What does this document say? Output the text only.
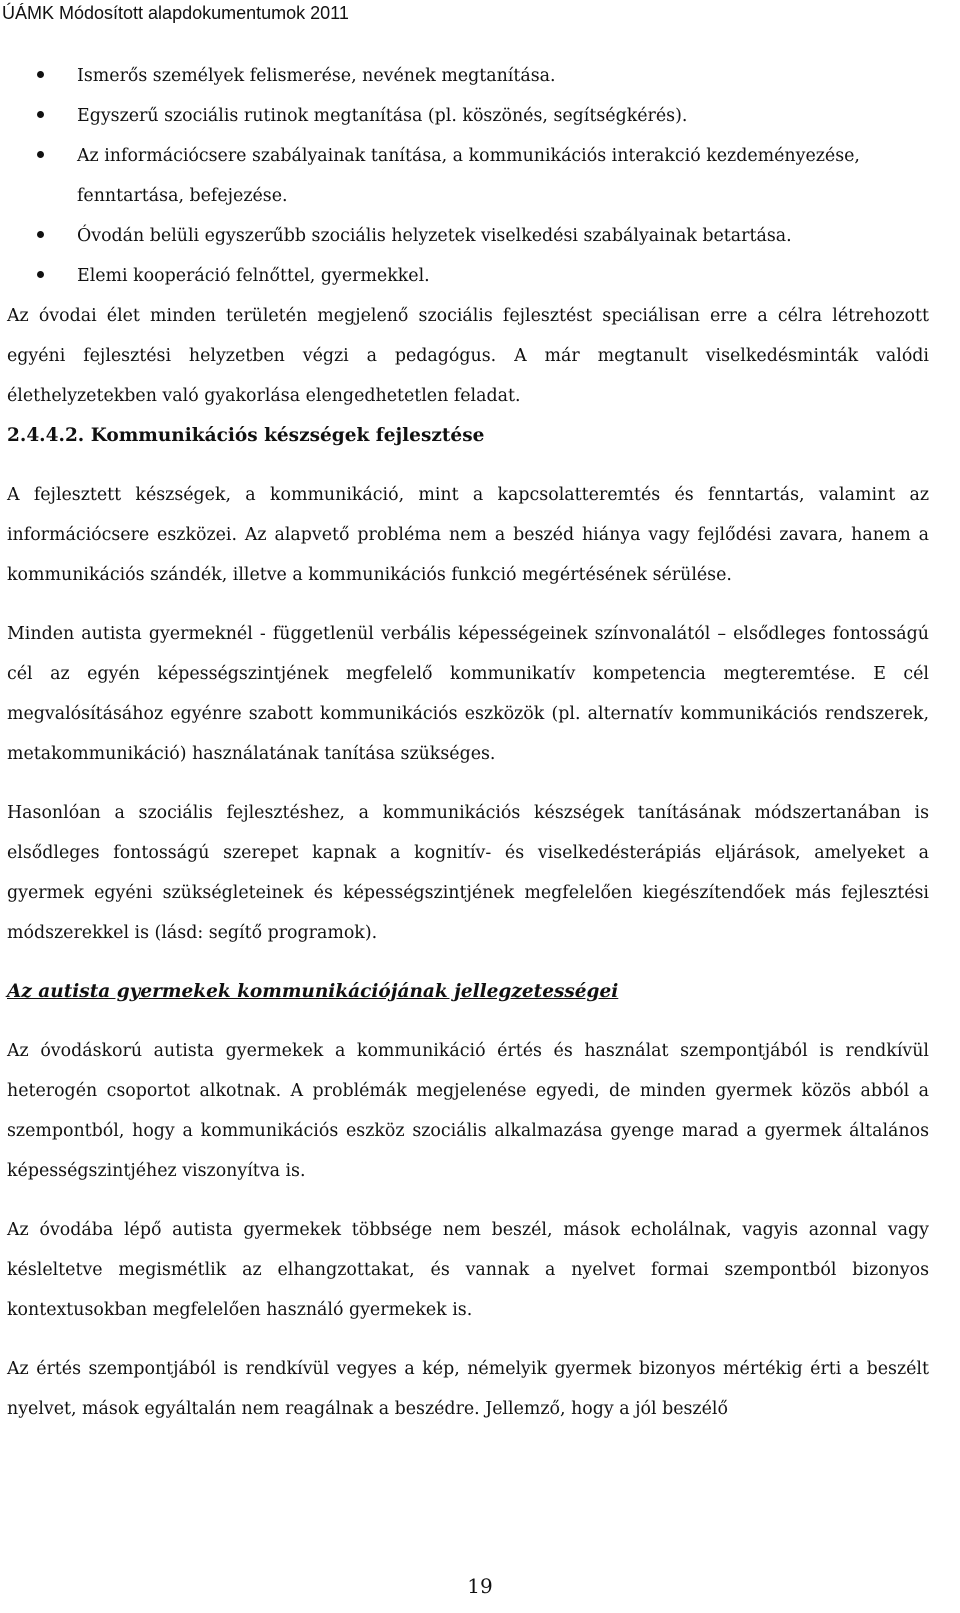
ÚÁMK Módosított alapdokumentumok 2011
Ismerős személyek felismerése, nevének megtanítása.
Egyszerű szociális rutinok megtanítása (pl. köszönés, segítségkérés).
Az információcsere szabályainak tanítása, a kommunikációs interakció kezdeményezése, fenntartása, befejezése.
Óvodán belüli egyszerűbb szociális helyzetek viselkedési szabályainak betartása.
Elemi kooperáció felnőttel, gyermekkel.

Az óvodai élet minden területén megjelenő szociális fejlesztést speciálisan erre a célra létrehozott egyéni fejlesztési helyzetben végzi a pedagógus. A már megtanult viselkedésminták valódi élethelyzetekben való gyakorlása elengedhetetlen feladat.

2.4.4.2. Kommunikációs készségek fejlesztése

A fejlesztett készségek, a kommunikáció, mint a kapcsolatteremtés és fenntartás, valamint az információcsere eszközei. Az alapvető probléma nem a beszéd hiánya vagy fejlődési zavara, hanem a kommunikációs szándék, illetve a kommunikációs funkció megértésének sérülése.

Minden autista gyermeknél - függetlenül verbális képességeinek színvonalától – elsődleges fontosságú cél az egyén képességszintjének megfelelő kommunikatív kompetencia megteremtése. E cél megvalósításához egyénre szabott kommunikációs eszközök (pl. alternatív kommunikációs rendszerek, metakommunikáció) használatának tanítása szükséges.

Hasonlóan a szociális fejlesztéshez, a kommunikációs készségek tanításának módszertanában is elsődleges fontosságú szerepet kapnak a kognitív- és viselkedésterápiás eljárások, amelyeket a gyermek egyéni szükségleteinek és képességszintjének megfelelően kiegészítendőek más fejlesztési módszerekkel is (lásd: segítő programok).

Az autista gyermekek kommunikációjának jellegzetességei

Az óvodáskorú autista gyermekek a kommunikáció értés és használat szempontjából is rendkívül heterogén csoportot alkotnak. A problémák megjelenése egyedi, de minden gyermek közös abból a szempontból, hogy a kommunikációs eszköz szociális alkalmazása gyenge marad a gyermek általános képességszintjéhez viszonyítva is.

Az óvodába lépő autista gyermekek többsége nem beszél, mások echolálnak, vagyis azonnal vagy késleltetve megismétlik az elhangzottakat, és vannak a nyelvet formai szempontból bizonyos kontextusokban megfelelően használó gyermekek is.

Az értés szempontjából is rendkívül vegyes a kép, némelyik gyermek bizonyos mértékig érti a beszélt nyelvet, mások egyáltalán nem reagálnak a beszédre. Jellemző, hogy a jól beszélő

19
